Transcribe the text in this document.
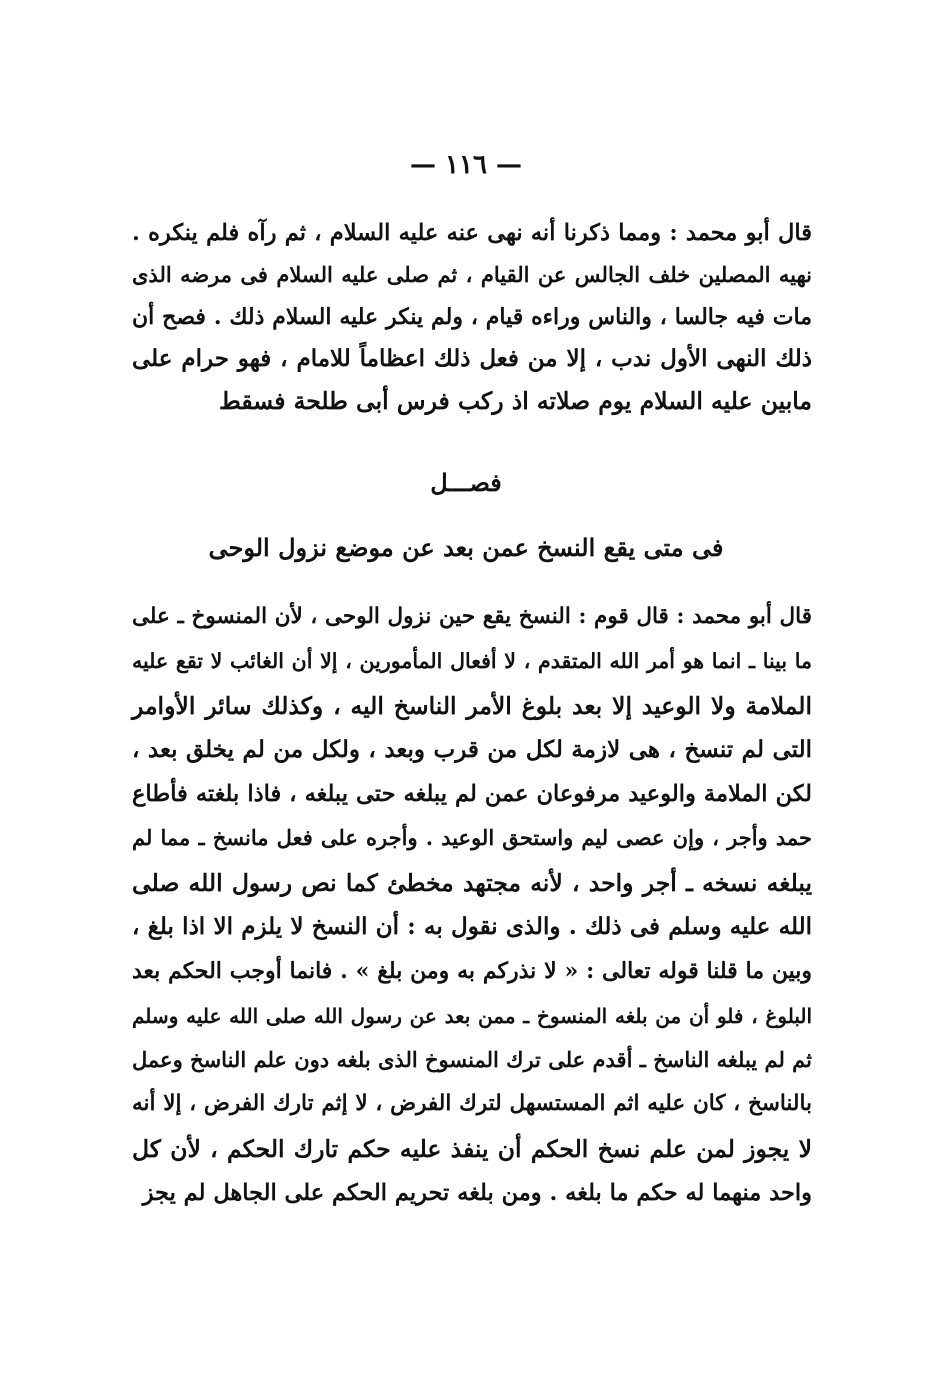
— ١١٦ —
قال أبو محمد : ومما ذكرنا أنه نهى عنه عليه السلام ، ثم رآه فلم ينكره .
نهيه المصلين خلف الجالس عن القيام ، ثم صلى عليه السلام فى مرضه الذى
مات فيه جالسا ، والناس وراءه قيام ، ولم ينكر عليه السلام ذلك . فصح أن
ذلك النهى الأول ندب ، إلا من فعل ذلك اعظاماً للامام ، فهو حرام على
مابين عليه السلام يوم صلاته اذ ركب فرس أبى طلحة فسقط
فصـــل
فى متى يقع النسخ عمن بعد عن موضع نزول الوحى
قال أبو محمد : قال قوم : النسخ يقع حين نزول الوحى ، لأن المنسوخ ـ على
ما بينا ـ انما هو أمر الله المتقدم ، لا أفعال المأمورين ، إلا أن الغائب لا تقع عليه
الملامة ولا الوعيد إلا بعد بلوغ الأمر الناسخ اليه ، وكذلك سائر الأوامر
التى لم تنسخ ، هى لازمة لكل من قرب وبعد ، ولكل من لم يخلق بعد ،
لكن الملامة والوعيد مرفوعان عمن لم يبلغه حتى يبلغه ، فاذا بلغته فأطاع
حمد وأجر ، وإن عصى ليم واستحق الوعيد . وأجره على فعل مانسخ ـ مما لم
يبلغه نسخه ـ أجر واحد ، لأنه مجتهد مخطئ كما نص رسول الله صلى
الله عليه وسلم فى ذلك . والذى نقول به : أن النسخ لا يلزم الا اذا بلغ ،
وبين ما قلنا قوله تعالى : « لا نذركم به ومن بلغ » . فانما أوجب الحكم بعد
البلوغ ، فلو أن من بلغه المنسوخ ـ ممن بعد عن رسول الله صلى الله عليه وسلم
ثم لم يبلغه الناسخ ـ أقدم على ترك المنسوخ الذى بلغه دون علم الناسخ وعمل
بالناسخ ، كان عليه اثم المستسهل لترك الفرض ، لا إثم تارك الفرض ، إلا أنه
لا يجوز لمن علم نسخ الحكم أن ينفذ عليه حكم تارك الحكم ، لأن كل
واحد منهما له حكم ما بلغه . ومن بلغه تحريم الحكم على الجاهل لم يجز
